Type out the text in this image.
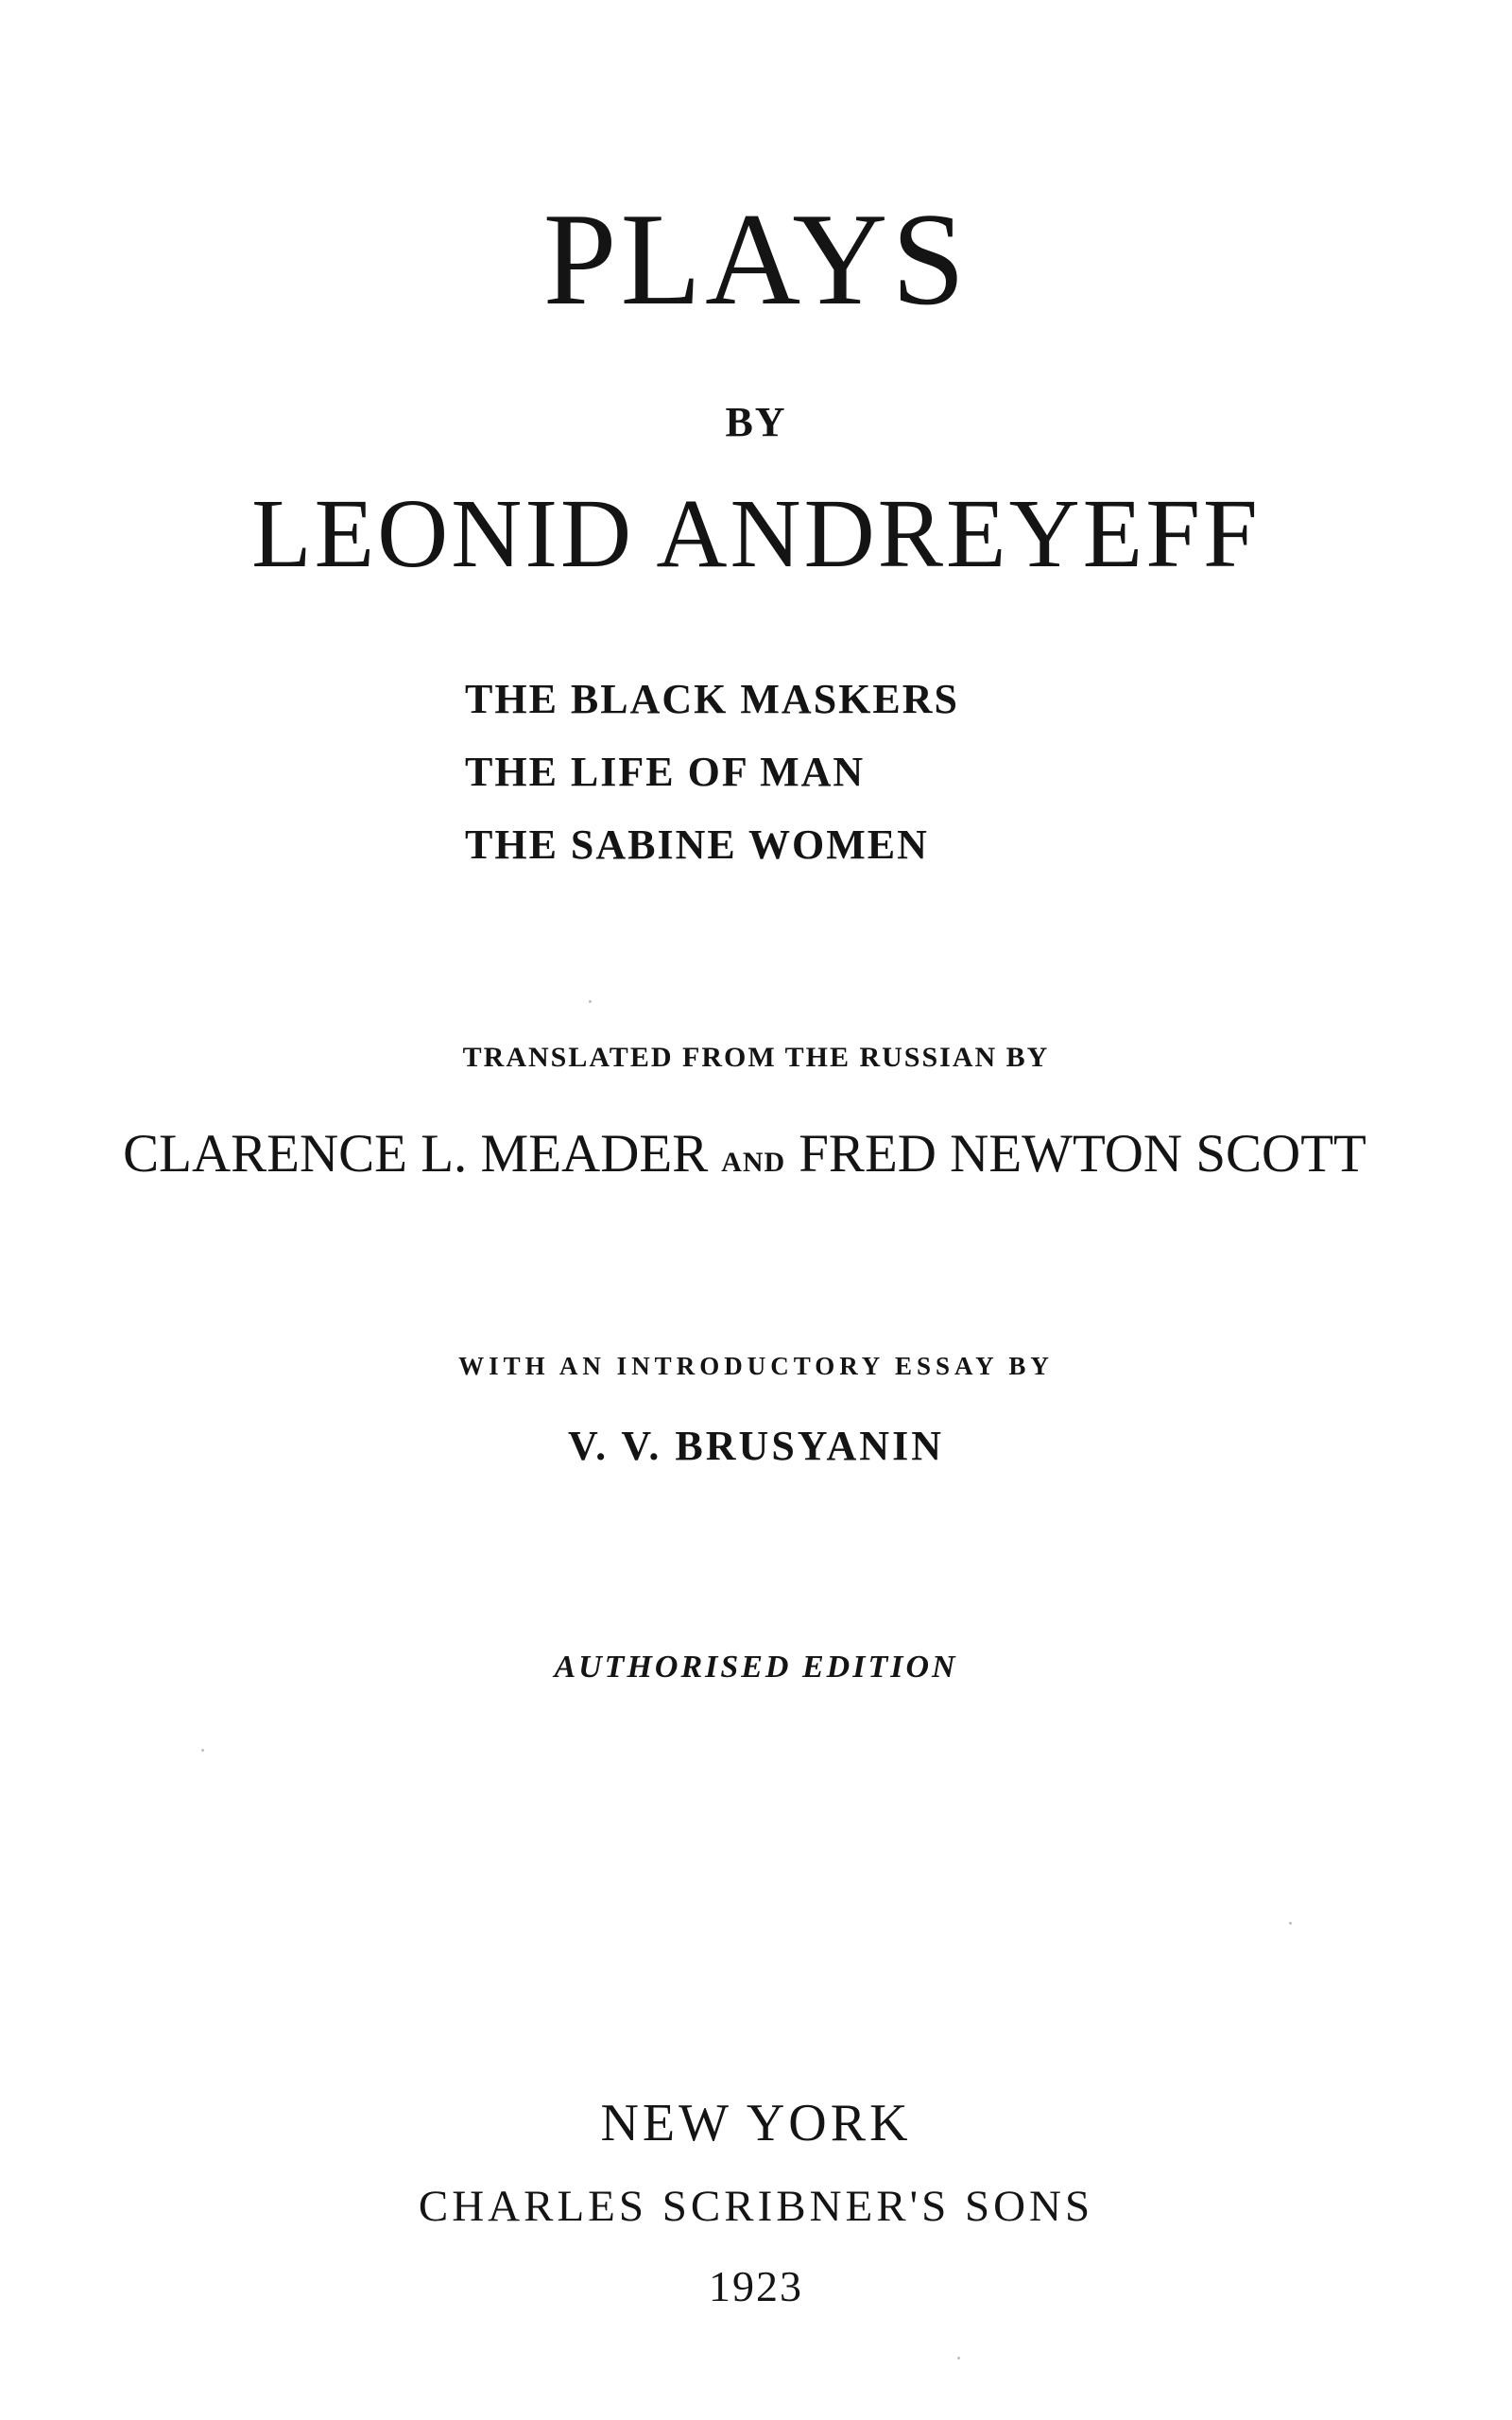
PLAYS
BY
LEONID ANDREYEFF
THE BLACK MASKERS
THE LIFE OF MAN
THE SABINE WOMEN
TRANSLATED FROM THE RUSSIAN BY
CLARENCE L. MEADER AND FRED NEWTON SCOTT
WITH AN INTRODUCTORY ESSAY BY
V. V. BRUSYANIN
AUTHORISED EDITION
NEW YORK
CHARLES SCRIBNER'S SONS
1923
